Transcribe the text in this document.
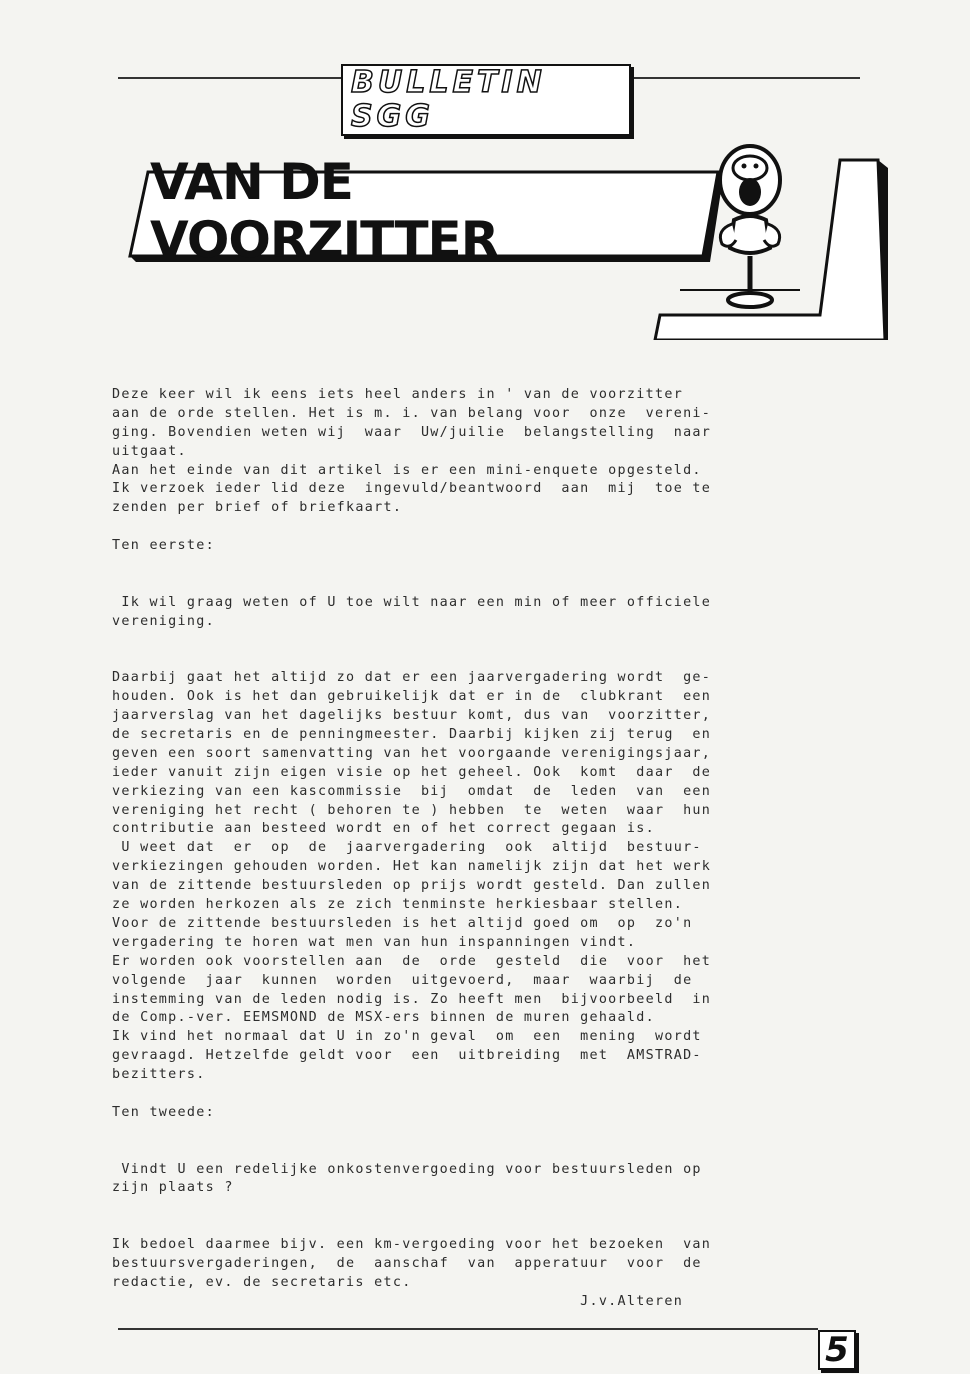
BULLETIN SGG
VAN DE VOORZITTER
Deze keer wil ik eens iets heel anders in ' van de voorzitter
aan de orde stellen. Het is m. i. van belang voor  onze  vereni-
ging. Bovendien weten wij  waar  Uw/juilie  belangstelling  naar
uitgaat.
Aan het einde van dit artikel is er een mini-enquete opgesteld.
Ik verzoek ieder lid deze  ingevuld/beantwoord  aan  mij  toe te
zenden per brief of briefkaart.
Ten eerste:
Ik wil graag weten of U toe wilt naar een min of meer officiele
vereniging.
Daarbij gaat het altijd zo dat er een jaarvergadering wordt  ge-
houden. Ook is het dan gebruikelijk dat er in de  clubkrant  een
jaarverslag van het dagelijks bestuur komt, dus van  voorzitter,
de secretaris en de penningmeester. Daarbij kijken zij terug  en
geven een soort samenvatting van het voorgaande verenigingsjaar,
ieder vanuit zijn eigen visie op het geheel. Ook  komt  daar  de
verkiezing van een kascommissie  bij  omdat  de  leden  van  een
vereniging het recht ( behoren te ) hebben  te  weten  waar  hun
contributie aan besteed wordt en of het correct gegaan is.
U weet dat  er  op  de  jaarvergadering  ook  altijd  bestuur-
verkiezingen gehouden worden. Het kan namelijk zijn dat het werk
van de zittende bestuursleden op prijs wordt gesteld. Dan zullen
ze worden herkozen als ze zich tenminste herkiesbaar stellen.
Voor de zittende bestuursleden is het altijd goed om  op  zo'n
vergadering te horen wat men van hun inspanningen vindt.
Er worden ook voorstellen aan  de  orde  gesteld  die  voor  het
volgende  jaar  kunnen  worden  uitgevoerd,  maar  waarbij  de
instemming van de leden nodig is. Zo heeft men  bijvoorbeeld  in
de Comp.-ver. EEMSMOND de MSX-ers binnen de muren gehaald.
Ik vind het normaal dat U in zo'n geval  om  een  mening  wordt
gevraagd. Hetzelfde geldt voor  een  uitbreiding  met  AMSTRAD-
bezitters.
Ten tweede:
Vindt U een redelijke onkostenvergoeding voor bestuursleden op
zijn plaats ?
Ik bedoel daarmee bijv. een km-vergoeding voor het bezoeken  van
bestuursvergaderingen,  de  aanschaf  van  apperatuur  voor  de
redactie, ev. de secretaris etc.
J.v.Alteren
5
